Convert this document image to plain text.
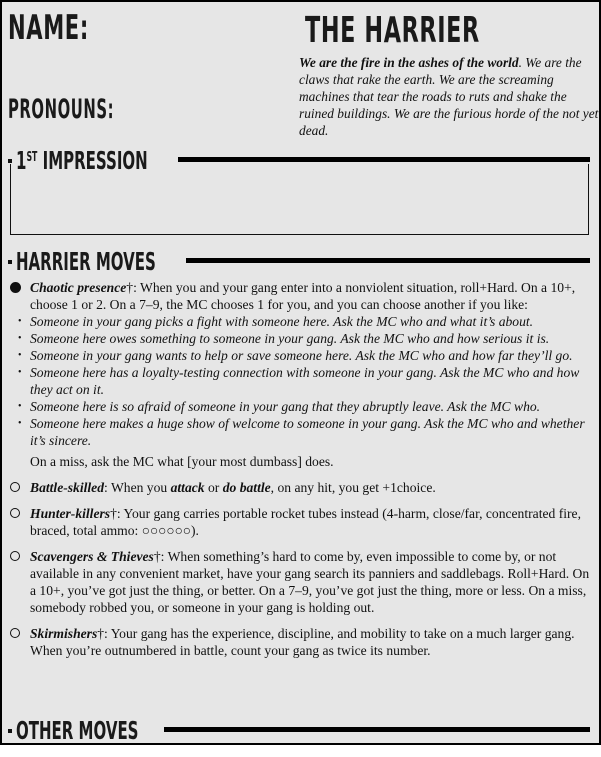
NAME:	THE HARRIER
PRONOUNS:
We are the fire in the ashes of the world. We are the claws that rake the earth. We are the screaming machines that tear the roads to ruts and shake the ruined buildings. We are the furious horde of the not yet dead.
1ST IMPRESSION
HARRIER MOVES
Chaotic presence†: When you and your gang enter into a nonviolent situation, roll+Hard. On a 10+, choose 1 or 2. On a 7–9, the MC chooses 1 for you, and you can choose another if you like:
• Someone in your gang picks a fight with someone here. Ask the MC who and what it’s about.
• Someone here owes something to someone in your gang. Ask the MC who and how serious it is.
• Someone in your gang wants to help or save someone here. Ask the MC who and how far they’ll go.
• Someone here has a loyalty-testing connection with someone in your gang. Ask the MC who and how they act on it.
• Someone here is so afraid of someone in your gang that they abruptly leave. Ask the MC who.
• Someone here makes a huge show of welcome to someone in your gang. Ask the MC who and whether it’s sincere.
On a miss, ask the MC what [your most dumbass] does.
Battle-skilled: When you attack or do battle, on any hit, you get +1choice.
Hunter-killers†: Your gang carries portable rocket tubes instead (4-harm, close/far, concentrated fire, braced, total ammo: ○○○○○○).
Scavengers & Thieves†: When something’s hard to come by, even impossible to come by, or not available in any convenient market, have your gang search its panniers and saddlebags. Roll+Hard. On a 10+, you’ve got just the thing, or better. On a 7–9, you’ve got just the thing, more or less. On a miss, somebody robbed you, or someone in your gang is holding out.
Skirmishers†: Your gang has the experience, discipline, and mobility to take on a much larger gang. When you’re outnumbered in battle, count your gang as twice its number.
OTHER MOVES
